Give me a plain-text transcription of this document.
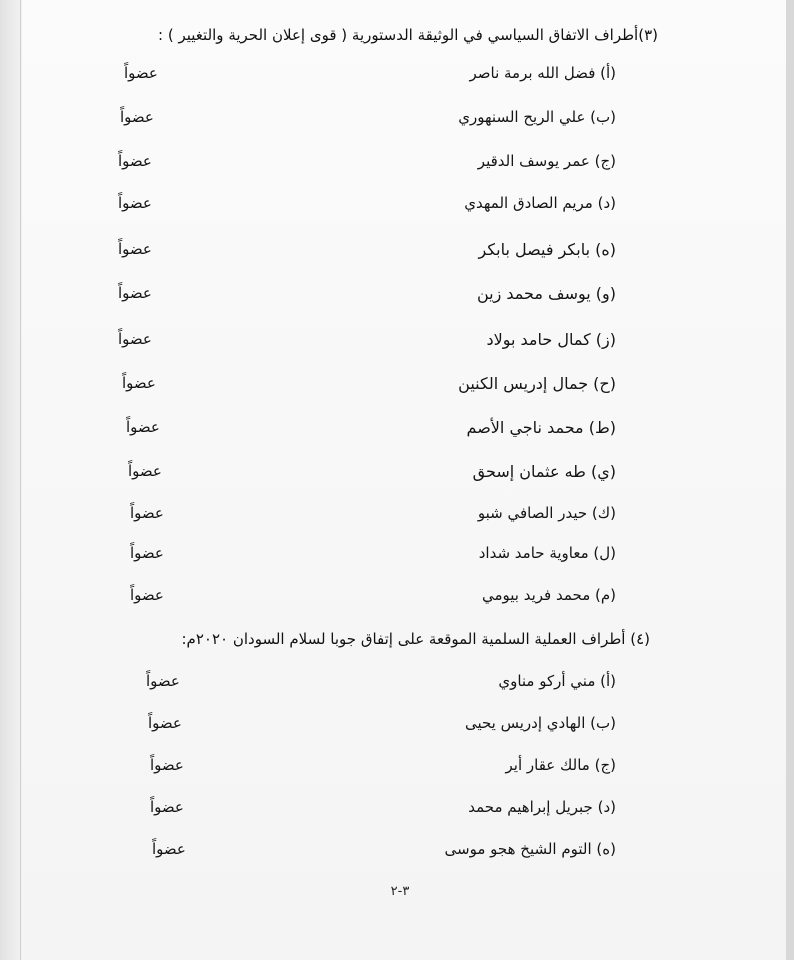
(٣)أطراف الاتفاق السياسي في الوثيقة الدستورية ( قوى إعلان الحرية والتغيير ) :
(أ) فضل الله برمة ناصر
عضواً
(ب) علي الريح السنهوري
عضواً
(ج) عمر يوسف الدقير
عضواً
(د) مريم الصادق المهدي
عضواً
(ه) بابكر فيصل بابكر
عضواً
(و) يوسف محمد زين
عضواً
(ز) كمال حامد بولاد
عضواً
(ح) جمال إدريس الكنين
عضواً
(ط) محمد ناجي الأصم
عضواً
(ي) طه عثمان إسحق
عضواً
(ك) حيدر الصافي شبو
عضواً
(ل) معاوية حامد شداد
عضواً
(م) محمد فريد بيومي
عضواً
(٤) أطراف العملية السلمية الموقعة على إتفاق جوبا لسلام السودان ٢٠٢٠م:
(أ) مني أركو مناوي
عضواً
(ب) الهادي إدريس يحيى
عضواً
(ج) مالك عقار أير
عضواً
(د) جبريل إبراهيم محمد
عضواً
(ه) التوم الشيخ هجو موسى
عضواً
٣-٢
